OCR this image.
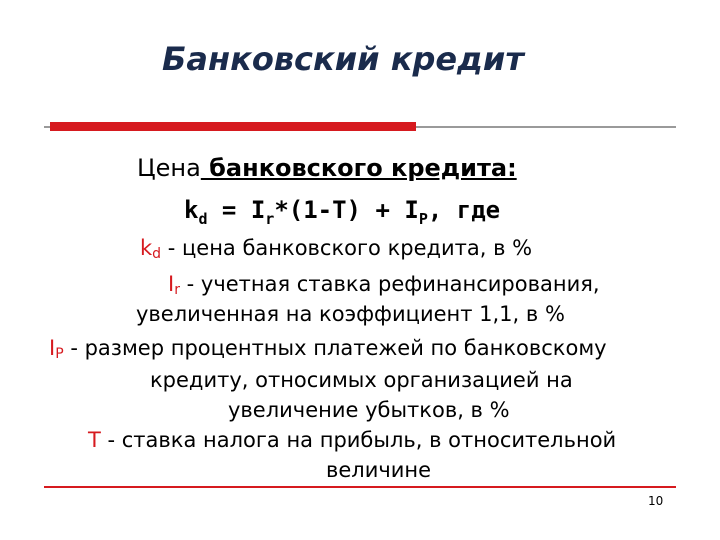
Банковский кредит
Цена банковского кредита:
$k_d = I_r*(1-T) + I_P$, где
$k_d$ - цена банковского кредита, в %
$I_r$ - учетная ставка рефинансирования,
увеличенная на коэффициент 1,1, в %
$I_P$ - размер процентных платежей по банковскому
кредиту, относимых организацией на
увеличение убытков, в %
T - ставка налога на прибыль, в относительной
величине
10
